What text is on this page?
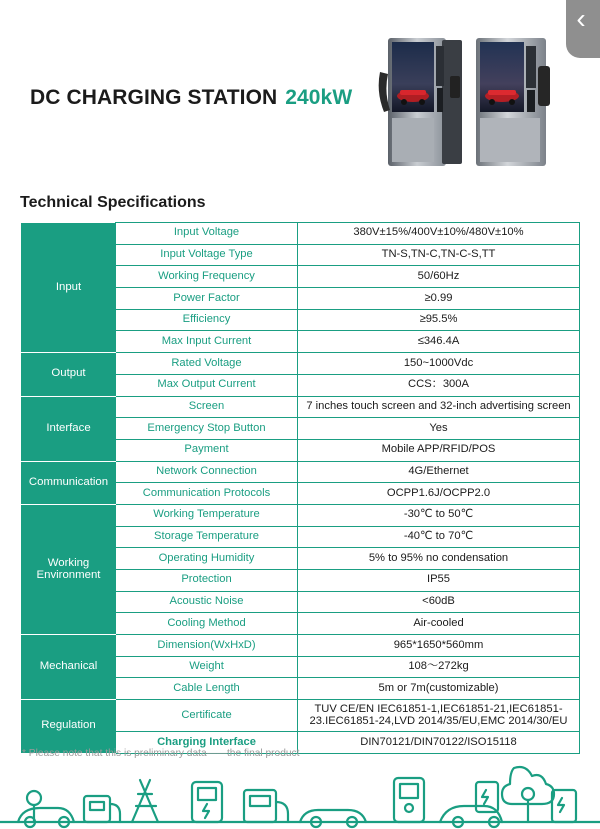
‹
DC CHARGING STATION 240kW
Technical Specifications
Input	Input Voltage	380V±15%/400V±10%/480V±10%
	Input Voltage Type	TN-S,TN-C,TN-C-S,TT
	Working Frequency	50/60Hz
	Power Factor	≥0.99
	Efficiency	≥95.5%
	Max Input Current	≤346.4A
Output	Rated Voltage	150~1000Vdc
	Max Output Current	CCS：300A
Interface	Screen	7 inches touch screen and 32-inch advertising screen
	Emergency Stop Button	Yes
	Payment	Mobile APP/RFID/POS
Communication	Network Connection	4G/Ethernet
	Communication Protocols	OCPP1.6J/OCPP2.0
Working Environment	Working Temperature	-30℃ to 50℃
	Storage Temperature	-40℃ to 70℃
	Operating Humidity	5% to 95% no condensation
	Protection	IP55
	Acoustic Noise	<60dB
	Cooling Method	Air-cooled
Mechanical	Dimension(WxHxD)	965*1650*560mm
	Weight	108～272kg
	Cable Length	5m or 7m(customizable)
Regulation	Certificate	TUV CE/EN IEC61851-1,IEC61851-21,IEC61851-23.IEC61851-24,LVD 2014/35/EU,EMC 2014/30/EU
	Charging Interface	DIN70121/DIN70122/ISO15118
* Please note that this is preliminary data——the final product
